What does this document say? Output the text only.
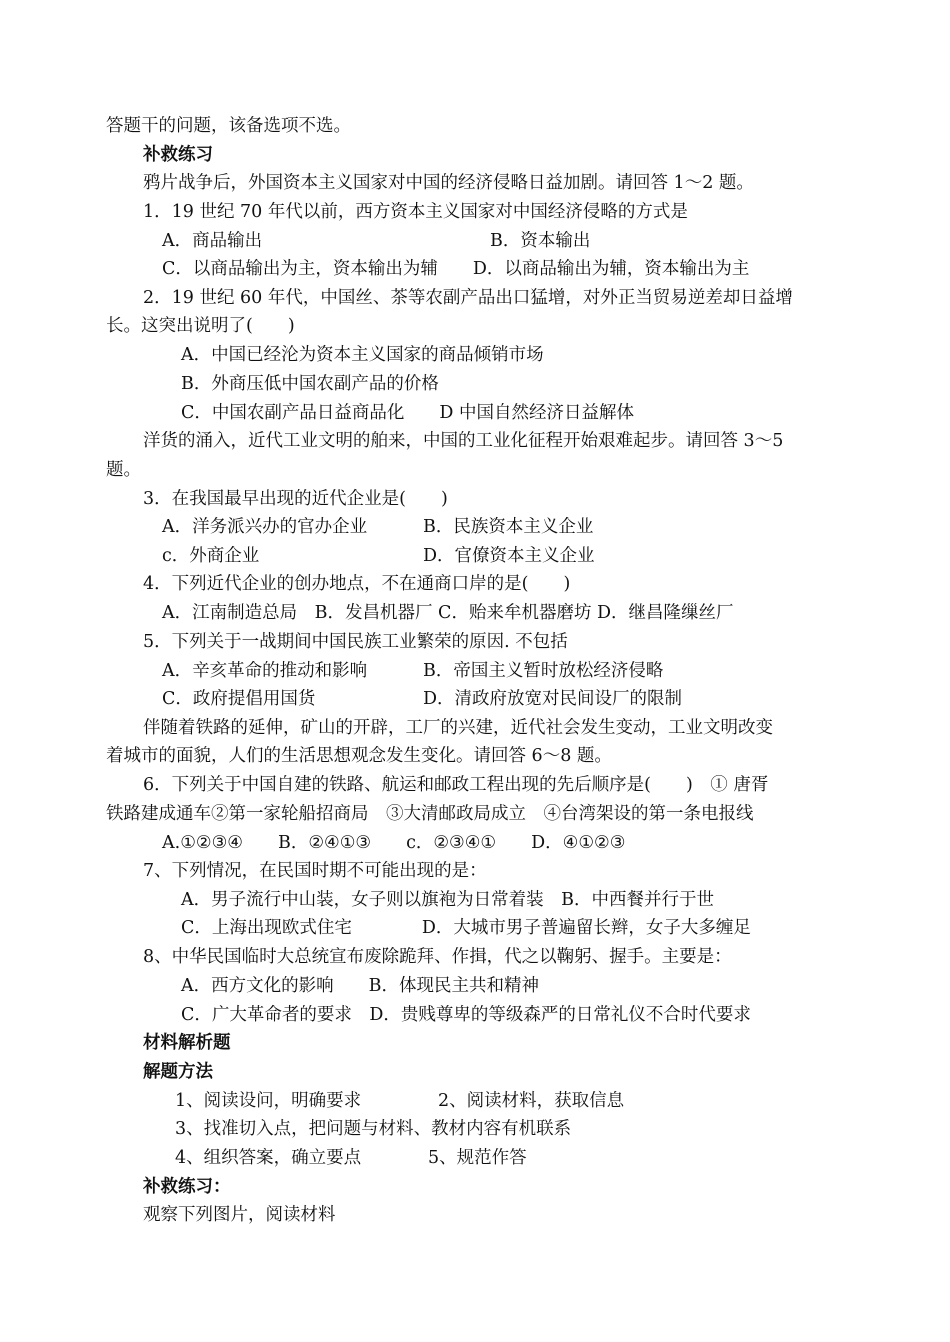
答题干的问题，该备选项不选。
补救练习
鸦片战争后，外国资本主义国家对中国的经济侵略日益加剧。请回答 1～2 题。
1．19 世纪 70 年代以前，西方资本主义国家对中国经济侵略的方式是
A．商品输出	B．资本输出
C．以商品输出为主，资本输出为辅　　D．以商品输出为辅，资本输出为主
2．19 世纪 60 年代，中国丝、茶等农副产品出口猛增，对外正当贸易逆差却日益增
长。这突出说明了(　　)
A．中国已经沦为资本主义国家的商品倾销市场
B．外商压低中国农副产品的价格
C．中国农副产品日益商品化　　D 中国自然经济日益解体
洋货的涌入，近代工业文明的舶来，中国的工业化征程开始艰难起步。请回答 3～5
题。
3．在我国最早出现的近代企业是(　　)
A．洋务派兴办的官办企业	B．民族资本主义企业
c．外商企业	D．官僚资本主义企业
4．下列近代企业的创办地点，不在通商口岸的是(　　)
A．江南制造总局　B．发昌机器厂 C．贻来牟机器磨坊 D．继昌隆缫丝厂
5．下列关于一战期间中国民族工业繁荣的原因. 不包括
A．辛亥革命的推动和影响	B．帝国主义暂时放松经济侵略
C．政府提倡用国货	D．清政府放宽对民间设厂的限制
伴随着铁路的延伸，矿山的开辟，工厂的兴建，近代社会发生变动，工业文明改变
着城市的面貌，人们的生活思想观念发生变化。请回答 6～8 题。
6．下列关于中国自建的铁路、航运和邮政工程出现的先后顺序是(　　)　① 唐胥
铁路建成通车②第一家轮船招商局　③大清邮政局成立　④台湾架设的第一条电报线
A.①②③④　　B．②④①③　　c．②③④①　　D．④①②③
7、下列情况，在民国时期不可能出现的是：
A．男子流行中山装，女子则以旗袍为日常着装　B．中西餐并行于世
C．上海出现欧式住宅　　　　D．大城市男子普遍留长辫，女子大多缠足
8、中华民国临时大总统宣布废除跪拜、作揖，代之以鞠躬、握手。主要是：
A．西方文化的影响　　B．体现民主共和精神
C．广大革命者的要求　D．贵贱尊卑的等级森严的日常礼仪不合时代要求
材料解析题
解题方法
1、阅读设问，明确要求	2、阅读材料，获取信息
3、找准切入点，把问题与材料、教材内容有机联系
4、组织答案，确立要点	5、规范作答
补救练习：
观察下列图片，阅读材料
